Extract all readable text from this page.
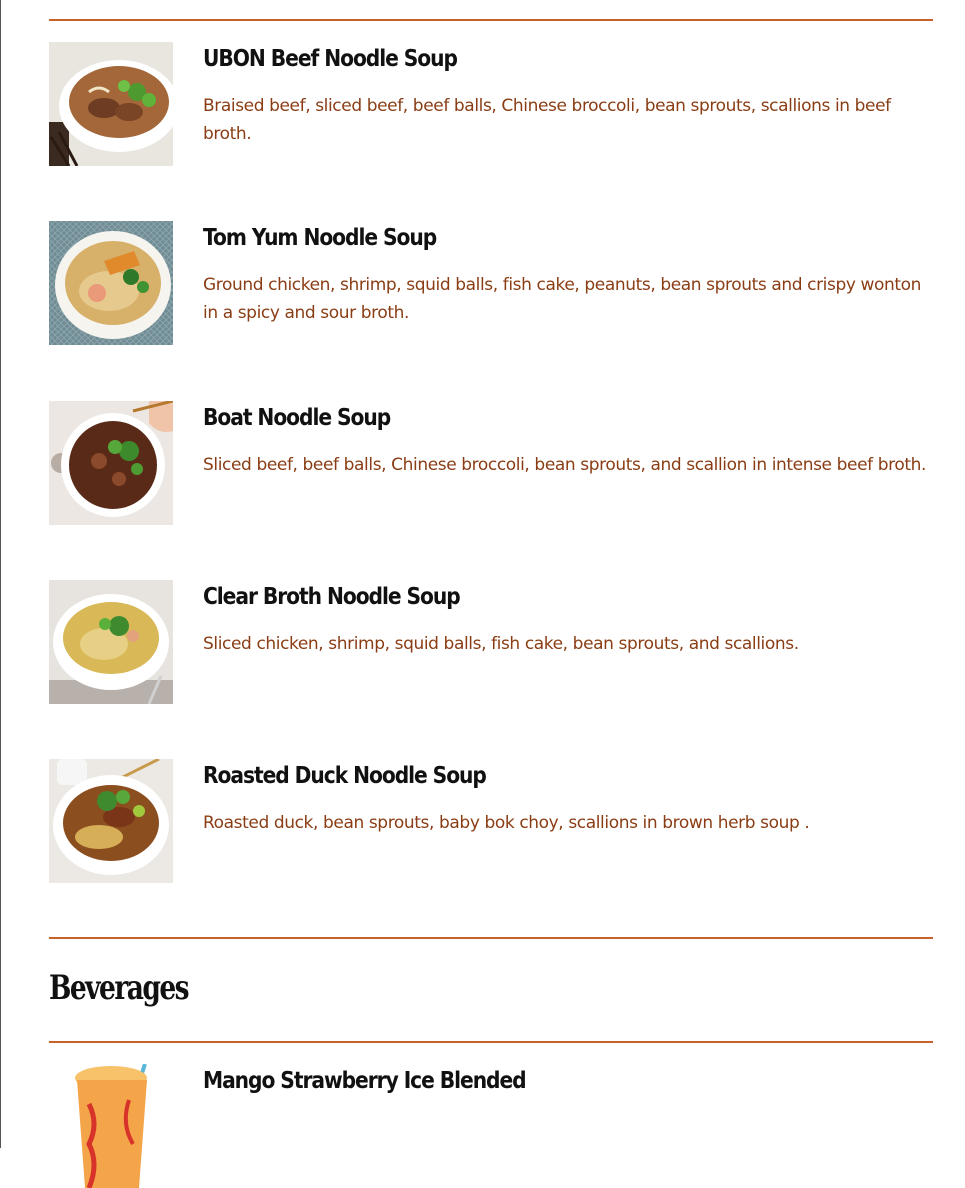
UBON Beef Noodle Soup
Braised beef, sliced beef, beef balls, Chinese broccoli, bean sprouts, scallions in beef broth.
Tom Yum Noodle Soup
Ground chicken, shrimp, squid balls, fish cake, peanuts, bean sprouts and crispy wonton in a spicy and sour broth.
Boat Noodle Soup
Sliced beef, beef balls, Chinese broccoli, bean sprouts, and scallion in intense beef broth.
Clear Broth Noodle Soup
Sliced chicken, shrimp, squid balls, fish cake, bean sprouts, and scallions.
Roasted Duck Noodle Soup
Roasted duck, bean sprouts, baby bok choy, scallions in brown herb soup .
Beverages
Mango Strawberry Ice Blended
